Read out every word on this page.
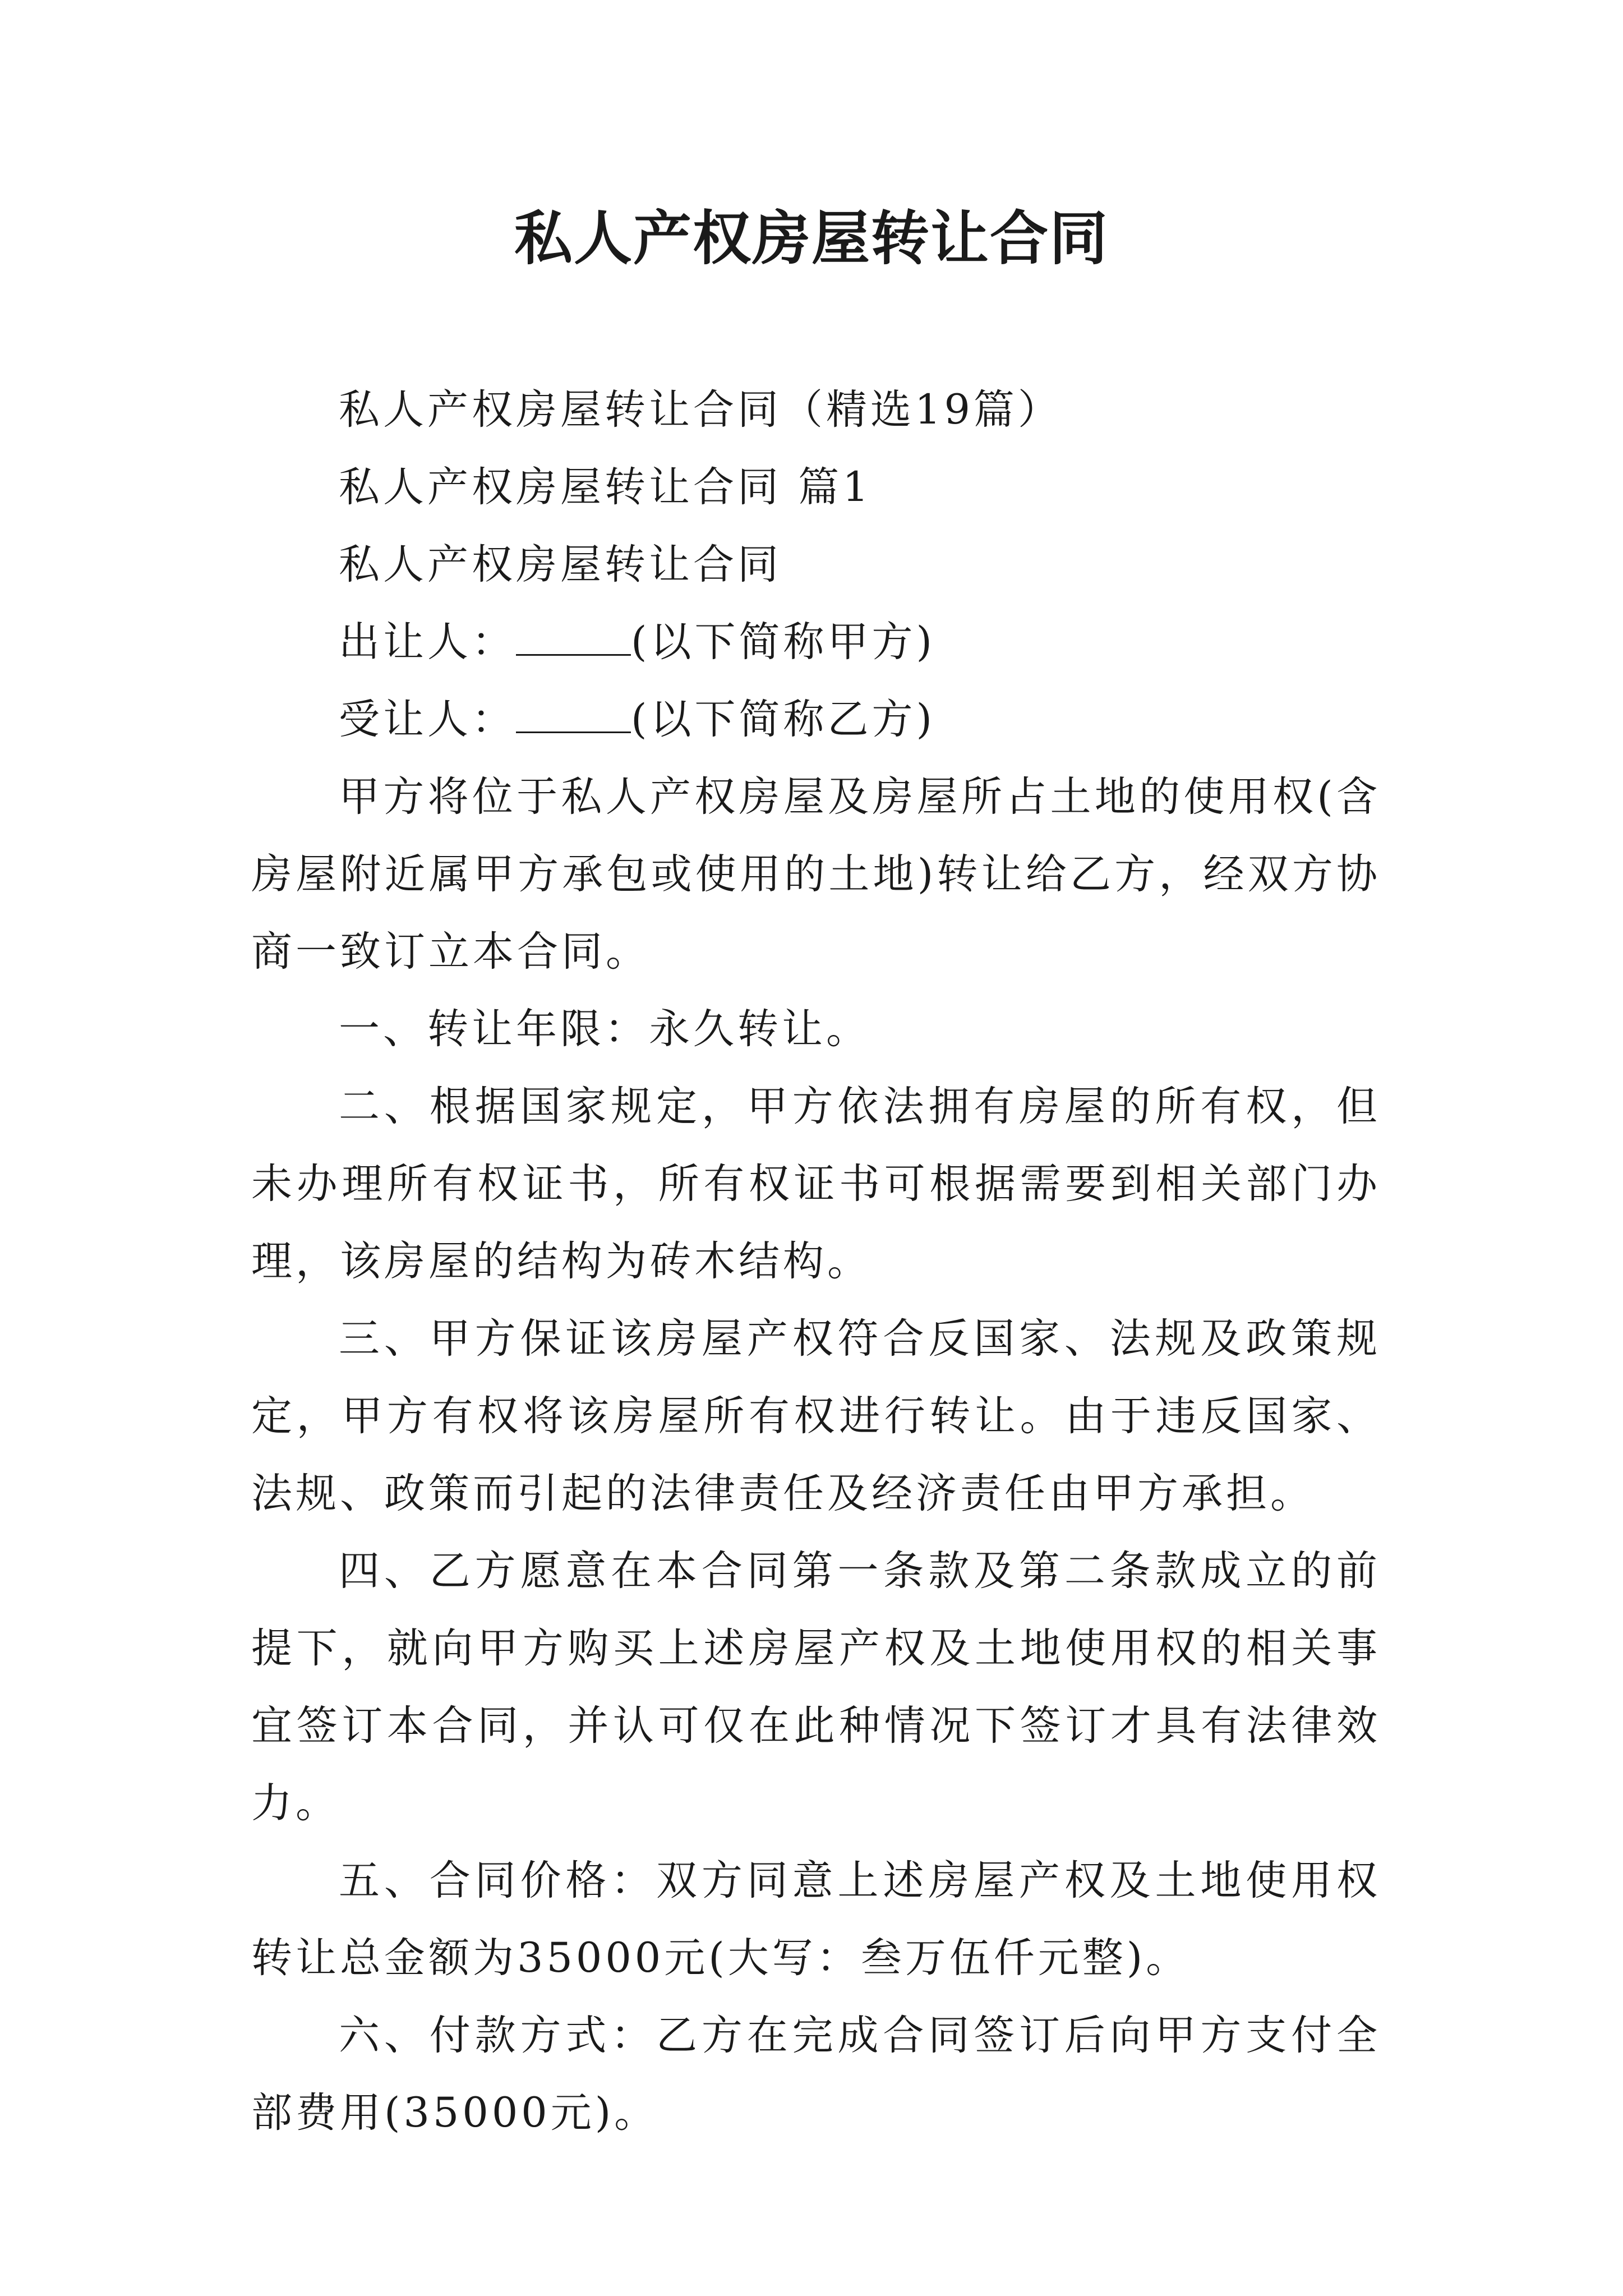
私人产权房屋转让合同

私人产权房屋转让合同（精选19篇）

私人产权房屋转让合同 篇1

私人产权房屋转让合同

出让人：	(以下简称甲方)

受让人：	(以下简称乙方)

甲方将位于私人产权房屋及房屋所占土地的使用权(含房屋附近属甲方承包或使用的土地)转让给乙方，经双方协商一致订立本合同。

一、转让年限：永久转让。

二、根据国家规定，甲方依法拥有房屋的所有权，但未办理所有权证书，所有权证书可根据需要到相关部门办理，该房屋的结构为砖木结构。

三、甲方保证该房屋产权符合反国家、法规及政策规定，甲方有权将该房屋所有权进行转让。由于违反国家、法规、政策而引起的法律责任及经济责任由甲方承担。

四、乙方愿意在本合同第一条款及第二条款成立的前提下，就向甲方购买上述房屋产权及土地使用权的相关事宜签订本合同，并认可仅在此种情况下签订才具有法律效力。

五、合同价格：双方同意上述房屋产权及土地使用权转让总金额为35000元(大写：叁万伍仟元整)。

六、付款方式：乙方在完成合同签订后向甲方支付全部费用(35000元)。
